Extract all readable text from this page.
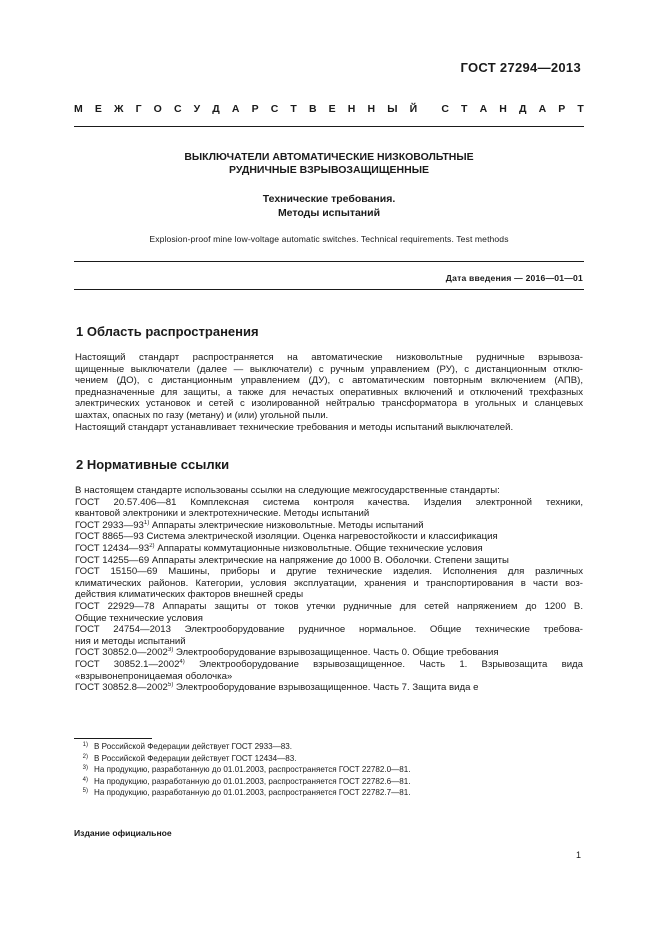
ГОСТ 27294—2013
М Е Ж Г О С У Д А Р С Т В Е Н Н Ы Й С Т А Н Д А Р Т
ВЫКЛЮЧАТЕЛИ АВТОМАТИЧЕСКИЕ НИЗКОВОЛЬТНЫЕ
РУДНИЧНЫЕ ВЗРЫВОЗАЩИЩЕННЫЕ
Технические требования.
Методы испытаний
Explosion-proof mine low-voltage automatic switches. Technical requirements. Test methods
Дата введения — 2016—01—01
1 Область распространения
Настоящий стандарт распространяется на автоматические низковольтные рудничные взрывоза-
щищенные выключатели (далее — выключатели) с ручным управлением (РУ), с дистанционным отклю-
чением (ДО), с дистанционным управлением (ДУ), с автоматическим повторным включением (АПВ),
предназначенные для защиты, а также для нечастых оперативных включений и отключений трехфазных
электрических установок и сетей с изолированной нейтралью трансформатора в угольных и сланцевых
шахтах, опасных по газу (метану) и (или) угольной пыли.
Настоящий стандарт устанавливает технические требования и методы испытаний выключателей.
2 Нормативные ссылки
В настоящем стандарте использованы ссылки на следующие межгосударственные стандарты:
ГОСТ 20.57.406—81 Комплексная система контроля качества. Изделия электронной техники,
квантовой электроники и электротехнические. Методы испытаний
ГОСТ 2933—93$^{1)}$ Аппараты электрические низковольтные. Методы испытаний
ГОСТ 8865—93 Система электрической изоляции. Оценка нагревостойкости и классификация
ГОСТ 12434—93$^{2)}$ Аппараты коммутационные низковольтные. Общие технические условия
ГОСТ 14255—69 Аппараты электрические на напряжение до 1000 В. Оболочки. Степени защиты
ГОСТ 15150—69 Машины, приборы и другие технические изделия. Исполнения для различных
климатических районов. Категории, условия эксплуатации, хранения и транспортирования в части воз-
действия климатических факторов внешней среды
ГОСТ 22929—78 Аппараты защиты от токов утечки рудничные для сетей напряжением до 1200 В.
Общие технические условия
ГОСТ 24754—2013 Электрооборудование рудничное нормальное. Общие технические требова-
ния и методы испытаний
ГОСТ 30852.0—2002$^{3)}$ Электрооборудование взрывозащищенное. Часть 0. Общие требования
ГОСТ 30852.1—2002$^{4)}$ Электрооборудование взрывозащищенное. Часть 1. Взрывозащита вида
«взрывонепроницаемая оболочка»
ГОСТ 30852.8—2002$^{5)}$ Электрооборудование взрывозащищенное. Часть 7. Защита вида е
1) В Российской Федерации действует ГОСТ 2933—83.
2) В Российской Федерации действует ГОСТ 12434—83.
3) На продукцию, разработанную до 01.01.2003, распространяется ГОСТ 22782.0—81.
4) На продукцию, разработанную до 01.01.2003, распространяется ГОСТ 22782.6—81.
5) На продукцию, разработанную до 01.01.2003, распространяется ГОСТ 22782.7—81.
Издание официальное
1
